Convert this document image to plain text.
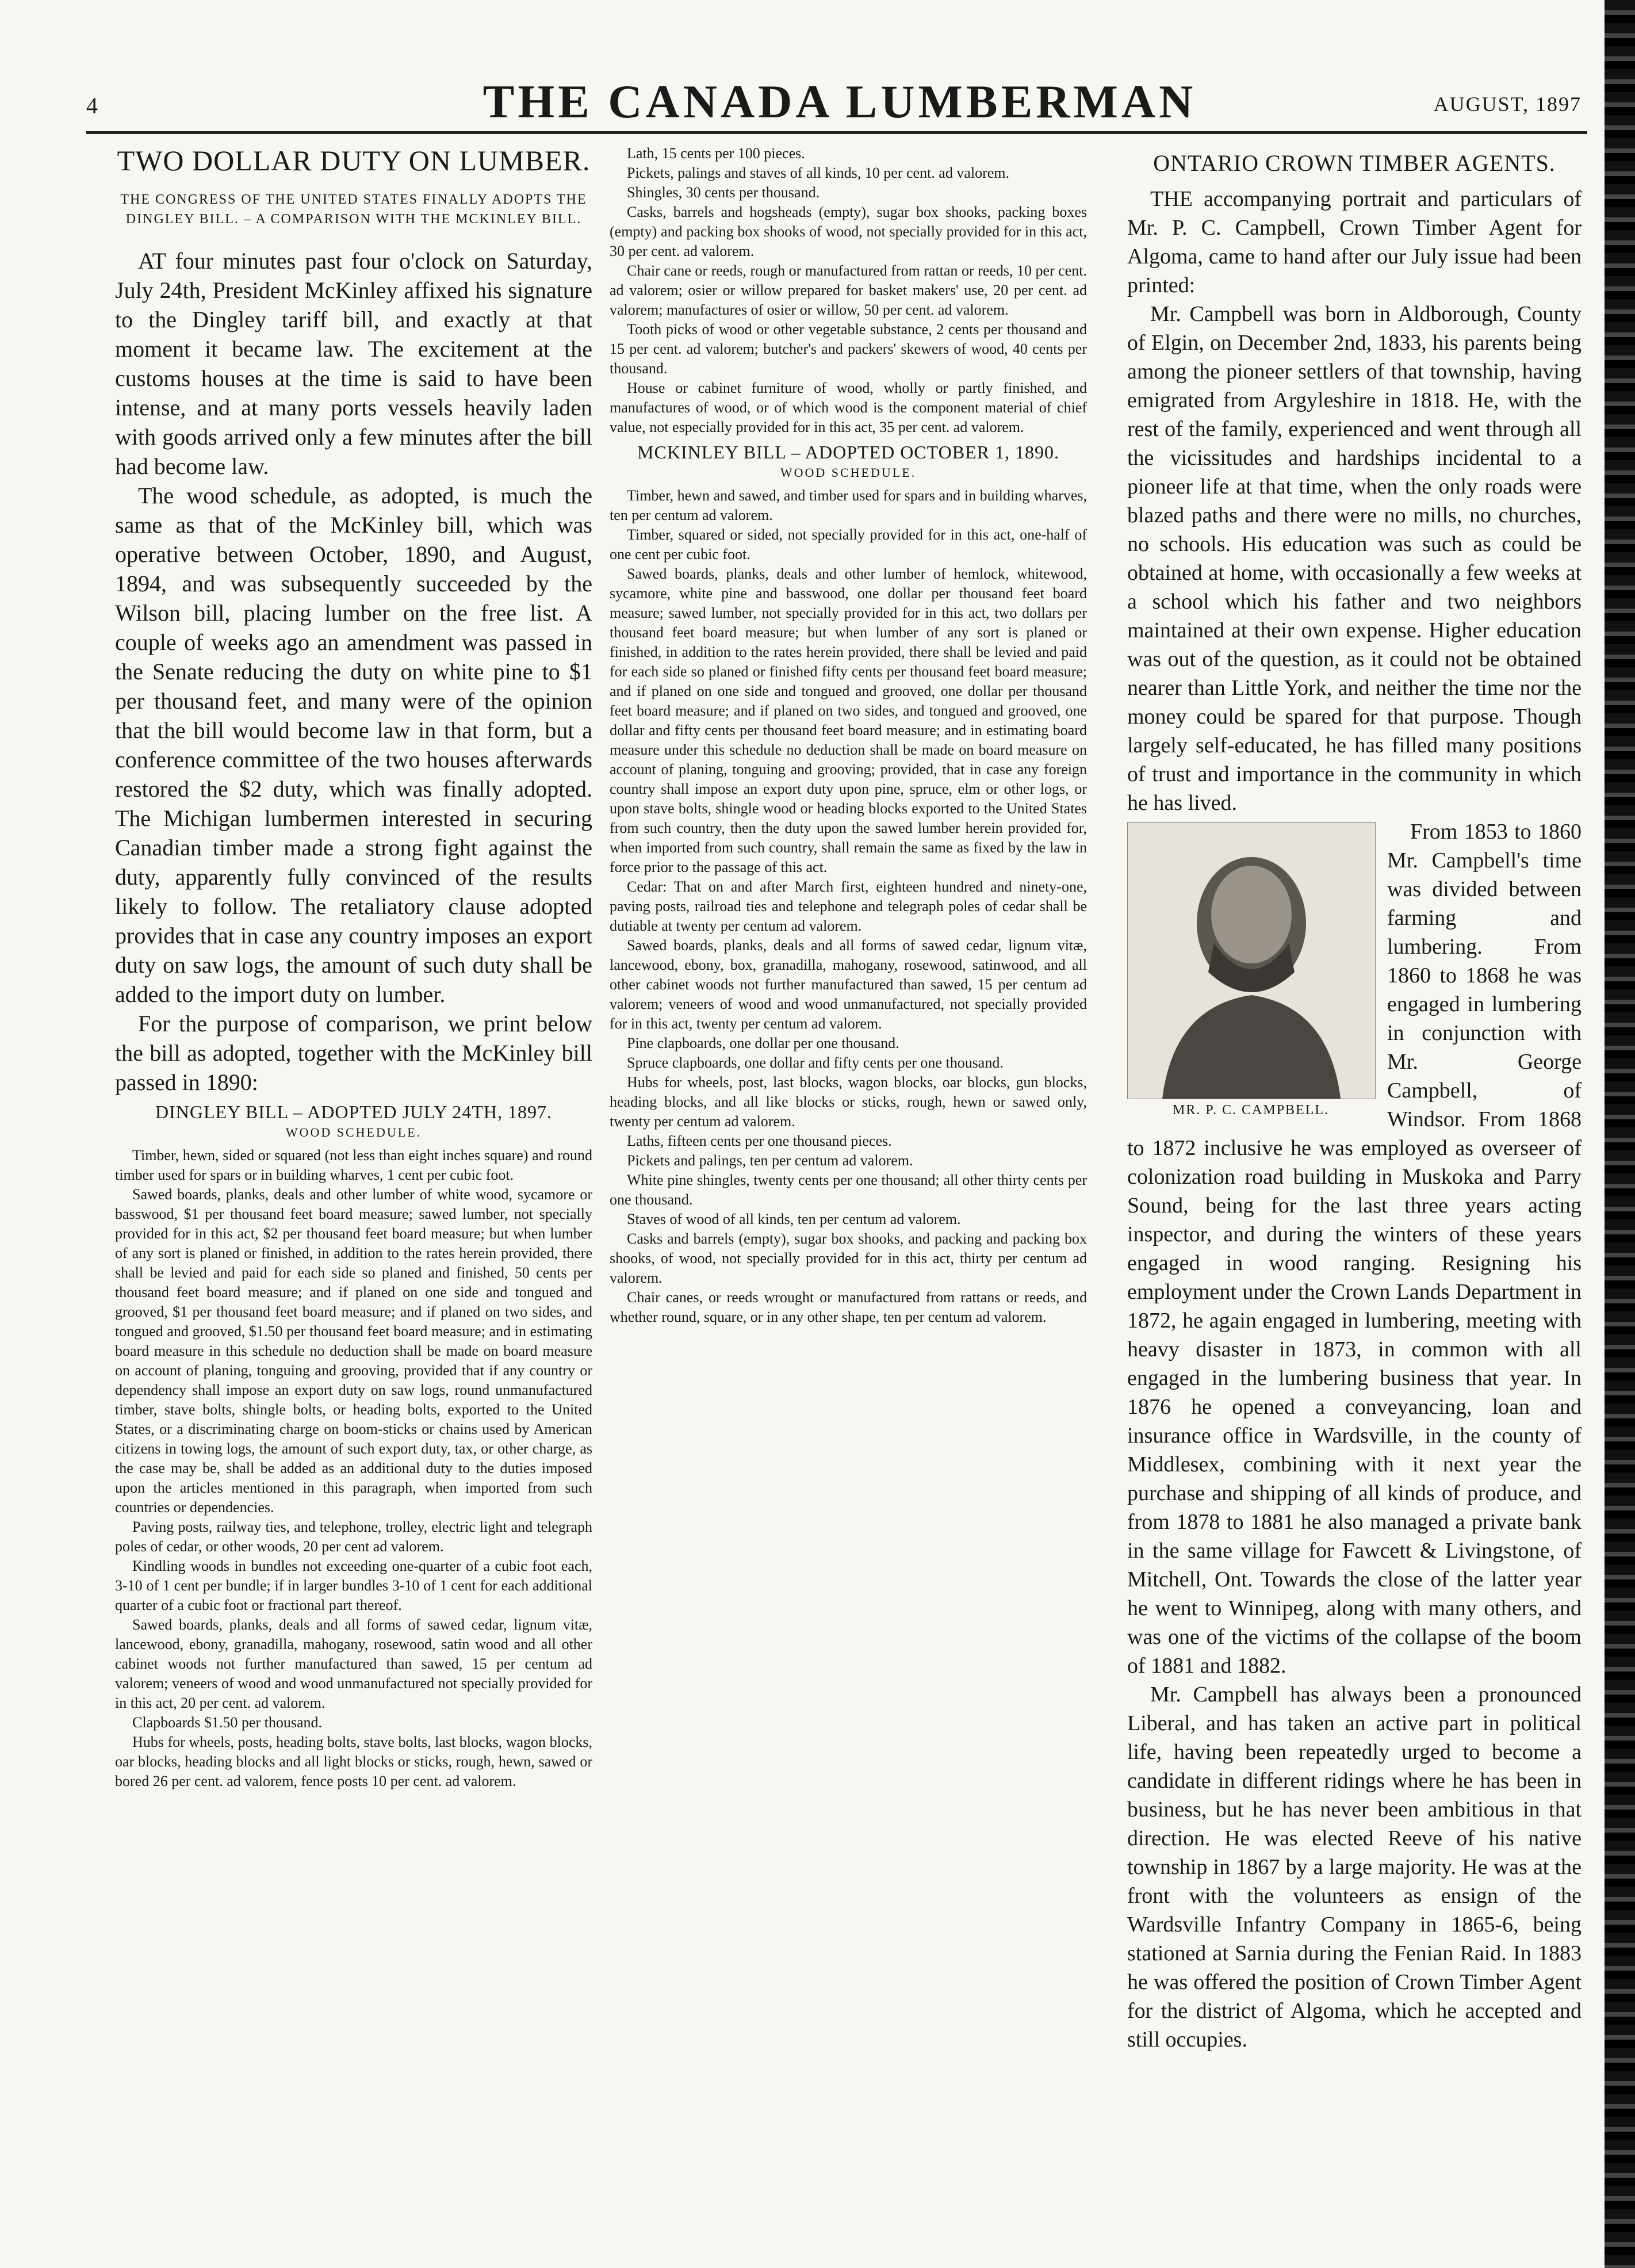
4	THE CANADA LUMBERMAN	AUGUST, 1897
TWO DOLLAR DUTY ON LUMBER.
THE CONGRESS OF THE UNITED STATES FINALLY ADOPTS THE DINGLEY BILL. – A COMPARISON WITH THE MCKINLEY BILL.

AT four minutes past four o'clock on Saturday, July 24th, President McKinley affixed his signature to the Dingley tariff bill, and exactly at that moment it became law. The excitement at the customs houses at the time is said to have been intense, and at many ports vessels heavily laden with goods arrived only a few minutes after the bill had become law.

The wood schedule, as adopted, is much the same as that of the McKinley bill, which was operative between October, 1890, and August, 1894, and was subsequently succeeded by the Wilson bill, placing lumber on the free list. A couple of weeks ago an amendment was passed in the Senate reducing the duty on white pine to $1 per thousand feet, and many were of the opinion that the bill would become law in that form, but a conference committee of the two houses afterwards restored the $2 duty, which was finally adopted. The Michigan lumbermen interested in securing Canadian timber made a strong fight against the duty, apparently fully convinced of the results likely to follow. The retaliatory clause adopted provides that in case any country imposes an export duty on saw logs, the amount of such duty shall be added to the import duty on lumber.

For the purpose of comparison, we print below the bill as adopted, together with the McKinley bill passed in 1890:

DINGLEY BILL – ADOPTED JULY 24TH, 1897.
WOOD SCHEDULE.

Timber, hewn, sided or squared (not less than eight inches square) and round timber used for spars or in building wharves, 1 cent per cubic foot.

Sawed boards, planks, deals and other lumber of white wood, sycamore or basswood, $1 per thousand feet board measure; sawed lumber, not specially provided for in this act, $2 per thousand feet board measure; but when lumber of any sort is planed or finished, in addition to the rates herein provided, there shall be levied and paid for each side so planed and finished, 50 cents per thousand feet board measure; and if planed on one side and tongued and grooved, $1 per thousand feet board measure; and if planed on two sides, and tongued and grooved, $1.50 per thousand feet board measure; and in estimating board measure in this schedule no deduction shall be made on board measure on account of planing, tonguing and grooving, provided that if any country or dependency shall impose an export duty on saw logs, round unmanufactured timber, stave bolts, shingle bolts, or heading bolts, exported to the United States, or a discriminating charge on boom-sticks or chains used by American citizens in towing logs, the amount of such export duty, tax, or other charge, as the case may be, shall be added as an additional duty to the duties imposed upon the articles mentioned in this paragraph, when imported from such countries or dependencies.

Paving posts, railway ties, and telephone, trolley, electric light and telegraph poles of cedar, or other woods, 20 per cent ad valorem.

Kindling woods in bundles not exceeding one-quarter of a cubic foot each, 3-10 of 1 cent per bundle; if in larger bundles 3-10 of 1 cent for each additional quarter of a cubic foot or fractional part thereof.

Sawed boards, planks, deals and all forms of sawed cedar, lignum vitæ, lancewood, ebony, granadilla, mahogany, rosewood, satin wood and all other cabinet woods not further manufactured than sawed, 15 per centum ad valorem; veneers of wood and wood unmanufactured not specially provided for in this act, 20 per cent. ad valorem.

Clapboards $1.50 per thousand.

Hubs for wheels, posts, heading bolts, stave bolts, last blocks, wagon blocks, oar blocks, heading blocks and all light blocks or sticks, rough, hewn, sawed or bored 26 per cent. ad valorem, fence posts 10 per cent. ad valorem.

Lath, 15 cents per 100 pieces.

Pickets, palings and staves of all kinds, 10 per cent. ad valorem.

Shingles, 30 cents per thousand.

Casks, barrels and hogsheads (empty), sugar box shooks, packing boxes (empty) and packing box shooks of wood, not specially provided for in this act, 30 per cent. ad valorem.

Chair cane or reeds, rough or manufactured from rattan or reeds, 10 per cent. ad valorem; osier or willow prepared for basket makers' use, 20 per cent. ad valorem; manufactures of osier or willow, 50 per cent. ad valorem.

Tooth picks of wood or other vegetable substance, 2 cents per thousand and 15 per cent. ad valorem; butcher's and packers' skewers of wood, 40 cents per thousand.

House or cabinet furniture of wood, wholly or partly finished, and manufactures of wood, or of which wood is the component material of chief value, not especially provided for in this act, 35 per cent. ad valorem.

MCKINLEY BILL – ADOPTED OCTOBER 1, 1890.
WOOD SCHEDULE.

Timber, hewn and sawed, and timber used for spars and in building wharves, ten per centum ad valorem.

Timber, squared or sided, not specially provided for in this act, one-half of one cent per cubic foot.

Sawed boards, planks, deals and other lumber of hemlock, whitewood, sycamore, white pine and basswood, one dollar per thousand feet board measure; sawed lumber, not specially provided for in this act, two dollars per thousand feet board measure; but when lumber of any sort is planed or finished, in addition to the rates herein provided, there shall be levied and paid for each side so planed or finished fifty cents per thousand feet board measure; and if planed on one side and tongued and grooved, one dollar per thousand feet board measure; and if planed on two sides, and tongued and grooved, one dollar and fifty cents per thousand feet board measure; and in estimating board measure under this schedule no deduction shall be made on board measure on account of planing, tonguing and grooving; provided, that in case any foreign country shall impose an export duty upon pine, spruce, elm or other logs, or upon stave bolts, shingle wood or heading blocks exported to the United States from such country, then the duty upon the sawed lumber herein provided for, when imported from such country, shall remain the same as fixed by the law in force prior to the passage of this act.

Cedar: That on and after March first, eighteen hundred and ninety-one, paving posts, railroad ties and telephone and telegraph poles of cedar shall be dutiable at twenty per centum ad valorem.

Sawed boards, planks, deals and all forms of sawed cedar, lignum vitæ, lancewood, ebony, box, granadilla, mahogany, rosewood, satinwood, and all other cabinet woods not further manufactured than sawed, 15 per centum ad valorem; veneers of wood and wood unmanufactured, not specially provided for in this act, twenty per centum ad valorem.

Pine clapboards, one dollar per one thousand.

Spruce clapboards, one dollar and fifty cents per one thousand.

Hubs for wheels, post, last blocks, wagon blocks, oar blocks, gun blocks, heading blocks, and all like blocks or sticks, rough, hewn or sawed only, twenty per centum ad valorem.

Laths, fifteen cents per one thousand pieces.

Pickets and palings, ten per centum ad valorem.

White pine shingles, twenty cents per one thousand; all other thirty cents per one thousand.

Staves of wood of all kinds, ten per centum ad valorem.

Casks and barrels (empty), sugar box shooks, and packing and packing box shooks, of wood, not specially provided for in this act, thirty per centum ad valorem.

Chair canes, or reeds wrought or manufactured from rattans or reeds, and whether round, square, or in any other shape, ten per centum ad valorem.

ONTARIO CROWN TIMBER AGENTS.

THE accompanying portrait and particulars of Mr. P. C. Campbell, Crown Timber Agent for Algoma, came to hand after our July issue had been printed:

Mr. Campbell was born in Aldborough, County of Elgin, on December 2nd, 1833, his parents being among the pioneer settlers of that township, having emigrated from Argyleshire in 1818. He, with the rest of the family, experienced and went through all the vicissitudes and hardships incidental to a pioneer life at that time, when the only roads were blazed paths and there were no mills, no churches, no schools. His education was such as could be obtained at home, with occasionally a few weeks at a school which his father and two neighbors maintained at their own expense. Higher education was out of the question, as it could not be obtained nearer than Little York, and neither the time nor the money could be spared for that purpose. Though largely self-educated, he has filled many positions of trust and importance in the community in which he has lived.

MR. P. C. CAMPBELL.

From 1853 to 1860 Mr. Campbell's time was divided between farming and lumbering. From 1860 to 1868 he was engaged in lumbering in conjunction with Mr. George Campbell, of Windsor. From 1868 to 1872 inclusive he was employed as overseer of colonization road building in Muskoka and Parry Sound, being for the last three years acting inspector, and during the winters of these years engaged in wood ranging. Resigning his employment under the Crown Lands Department in 1872, he again engaged in lumbering, meeting with heavy disaster in 1873, in common with all engaged in the lumbering business that year. In 1876 he opened a conveyancing, loan and insurance office in Wardsville, in the county of Middlesex, combining with it next year the purchase and shipping of all kinds of produce, and from 1878 to 1881 he also managed a private bank in the same village for Fawcett & Livingstone, of Mitchell, Ont. Towards the close of the latter year he went to Winnipeg, along with many others, and was one of the victims of the collapse of the boom of 1881 and 1882.

Mr. Campbell has always been a pronounced Liberal, and has taken an active part in political life, having been repeatedly urged to become a candidate in different ridings where he has been in business, but he has never been ambitious in that direction. He was elected Reeve of his native township in 1867 by a large majority. He was at the front with the volunteers as ensign of the Wardsville Infantry Company in 1865-6, being stationed at Sarnia during the Fenian Raid. In 1883 he was offered the position of Crown Timber Agent for the district of Algoma, which he accepted and still occupies.
